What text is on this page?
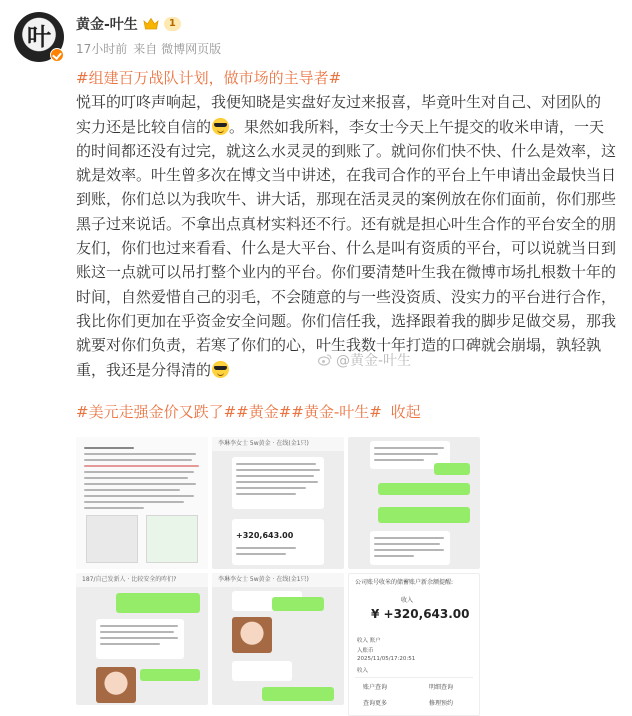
叶	黄金-叶生	1
17小时前 来自 微博网页版
#组建百万战队计划，做市场的主导者#
悦耳的叮咚声响起，我便知晓是实盘好友过来报喜，毕竟叶生对自己、对团队的
实力还是比较自信的 。果然如我所料，李女士今天上午提交的收米申请，一天
的时间都还没有过完，就这么水灵灵的到账了。就问你们快不快、什么是效率，这
就是效率。叶生曾多次在博文当中讲述，在我司合作的平台上午申请出金最快当日
到账，你们总以为我吹牛、讲大话，那现在活灵灵的案例放在你们面前，你们那些
黑子过来说话。不拿出点真材实料还不行。还有就是担心叶生合作的平台安全的朋
友们，你们也过来看看、什么是大平台、什么是叫有资质的平台，可以说就当日到
账这一点就可以吊打整个业内的平台。你们要清楚叶生我在微博市场扎根数十年的
时间，自然爱惜自己的羽毛，不会随意的与一些没资质、没实力的平台进行合作，
我比你们更加在乎资金安全问题。你们信任我，选择跟着我的脚步足做交易，那我
就要对你们负责，若寒了你们的心，叶生我数十年打造的口碑就会崩塌，孰轻孰
重，我还是分得清的	@黄金-叶生
#美元走强金价又跌了##黄金##黄金-叶生# 收起
李琳李女士 5w黄金 · 在线(金1只)
+320,643.00
187/自己发新人 · 比较安全的咋们?	李琳李女士 5w黄金 · 在线(金1只)	公司账号收米的储蓄账户新余额提醒:
收入
¥ +320,643.00
收入 账户
入账币
2025/11/05/17:20:51
收入
账户查询	明细查询
查询更多	修理预约
